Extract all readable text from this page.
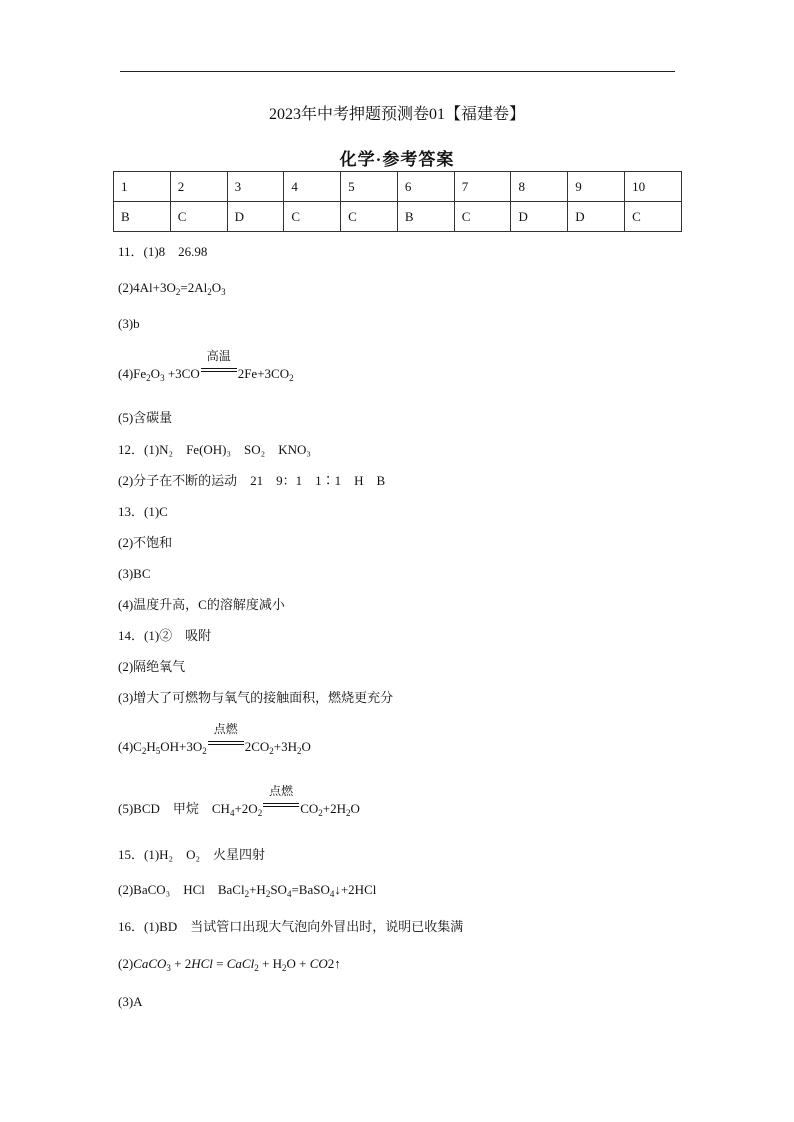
2023年中考押题预测卷01【福建卷】
化学·参考答案
1	2	3	4	5	6	7	8	9	10
B	C	D	C	C	B	C	D	D	C
11．(1)8　26.98
$(2)4Al+3O_2=2Al_2O_3$
(3)b
$(4)Fe_2O_3 +3CO$
高温
$2Fe+3CO_2$
(5)含碳量
12．(1)N₂　Fe(OH)₃　SO₂　KNO₃
(2)分子在不断的运动　21　9：1　1∶1　H　B
13．(1)C
(2)不饱和
(3)BC
(4)温度升高，C的溶解度减小
14．(1)②　吸附
(2)隔绝氧气
(3)增大了可燃物与氧气的接触面积，燃烧更充分
$(4)C_2H_5OH+3O_2$
点燃
$2CO_2+3H_2O$
(5)BCD　甲烷　$CH_4+2O_2$
点燃
$CO_2+2H_2O$
15．(1)H₂　O₂　火星四射
(2)BaCO₃　HCl　$BaCl_2+H_2SO_4=BaSO_4↓+2HCl$
16．(1)BD　当试管口出现大气泡向外冒出时，说明已收集满
(2)CaCO$_3$ + 2HCl = CaCl$_2$ + $H_2O$ + CO2↑
(3)A
